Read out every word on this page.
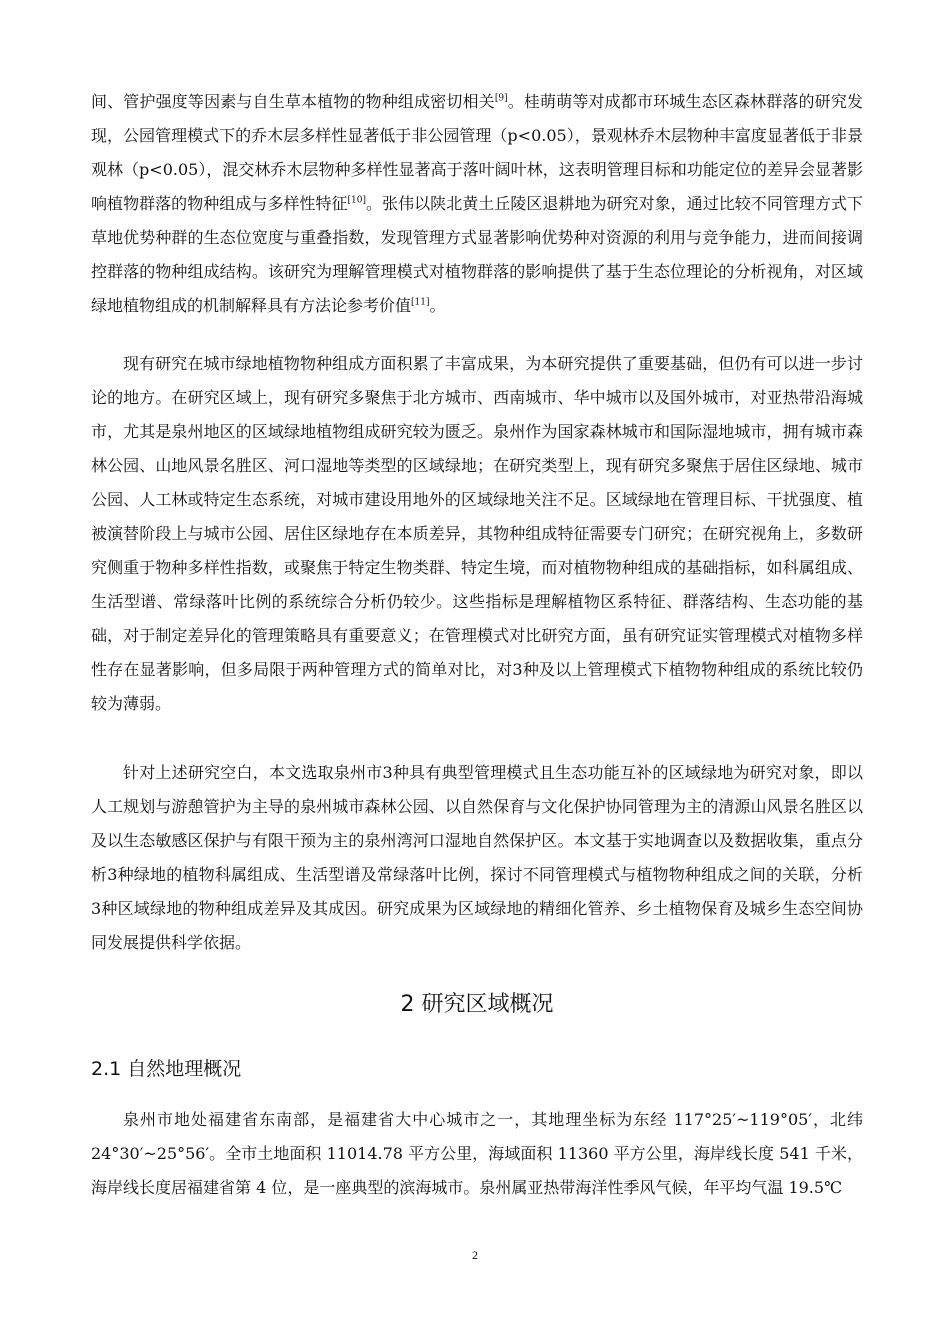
间、管护强度等因素与自生草本植物的物种组成密切相关[9]。桂萌萌等对成都市环城生态区森林群落的研究发现，公园管理模式下的乔木层多样性显著低于非公园管理（p<0.05），景观林乔木层物种丰富度显著低于非景观林（p<0.05），混交林乔木层物种多样性显著高于落叶阔叶林，这表明管理目标和功能定位的差异会显著影响植物群落的物种组成与多样性特征[10]。张伟以陕北黄土丘陵区退耕地为研究对象，通过比较不同管理方式下草地优势种群的生态位宽度与重叠指数，发现管理方式显著影响优势种对资源的利用与竞争能力，进而间接调控群落的物种组成结构。该研究为理解管理模式对植物群落的影响提供了基于生态位理论的分析视角，对区域绿地植物组成的机制解释具有方法论参考价值[11]。

现有研究在城市绿地植物物种组成方面积累了丰富成果，为本研究提供了重要基础，但仍有可以进一步讨论的地方。在研究区域上，现有研究多聚焦于北方城市、西南城市、华中城市以及国外城市，对亚热带沿海城市，尤其是泉州地区的区域绿地植物组成研究较为匮乏。泉州作为国家森林城市和国际湿地城市，拥有城市森林公园、山地风景名胜区、河口湿地等类型的区域绿地；在研究类型上，现有研究多聚焦于居住区绿地、城市公园、人工林或特定生态系统，对城市建设用地外的区域绿地关注不足。区域绿地在管理目标、干扰强度、植被演替阶段上与城市公园、居住区绿地存在本质差异，其物种组成特征需要专门研究；在研究视角上，多数研究侧重于物种多样性指数，或聚焦于特定生物类群、特定生境，而对植物物种组成的基础指标，如科属组成、生活型谱、常绿落叶比例的系统综合分析仍较少。这些指标是理解植物区系特征、群落结构、生态功能的基础，对于制定差异化的管理策略具有重要意义；在管理模式对比研究方面，虽有研究证实管理模式对植物多样性存在显著影响，但多局限于两种管理方式的简单对比，对3种及以上管理模式下植物物种组成的系统比较仍较为薄弱。

针对上述研究空白，本文选取泉州市3种具有典型管理模式且生态功能互补的区域绿地为研究对象，即以人工规划与游憩管护为主导的泉州城市森林公园、以自然保育与文化保护协同管理为主的清源山风景名胜区以及以生态敏感区保护与有限干预为主的泉州湾河口湿地自然保护区。本文基于实地调查以及数据收集，重点分析3种绿地的植物科属组成、生活型谱及常绿落叶比例，探讨不同管理模式与植物物种组成之间的关联，分析3种区域绿地的物种组成差异及其成因。研究成果为区域绿地的精细化管养、乡土植物保育及城乡生态空间协同发展提供科学依据。

2 研究区域概况
2.1 自然地理概况

泉州市地处福建省东南部，是福建省大中心城市之一，其地理坐标为东经 117°25′~119°05′，北纬 24°30′~25°56′。全市土地面积 11014.78 平方公里，海域面积 11360 平方公里，海岸线长度 541 千米，海岸线长度居福建省第 4 位，是一座典型的滨海城市。泉州属亚热带海洋性季风气候，年平均气温 19.5℃

2
